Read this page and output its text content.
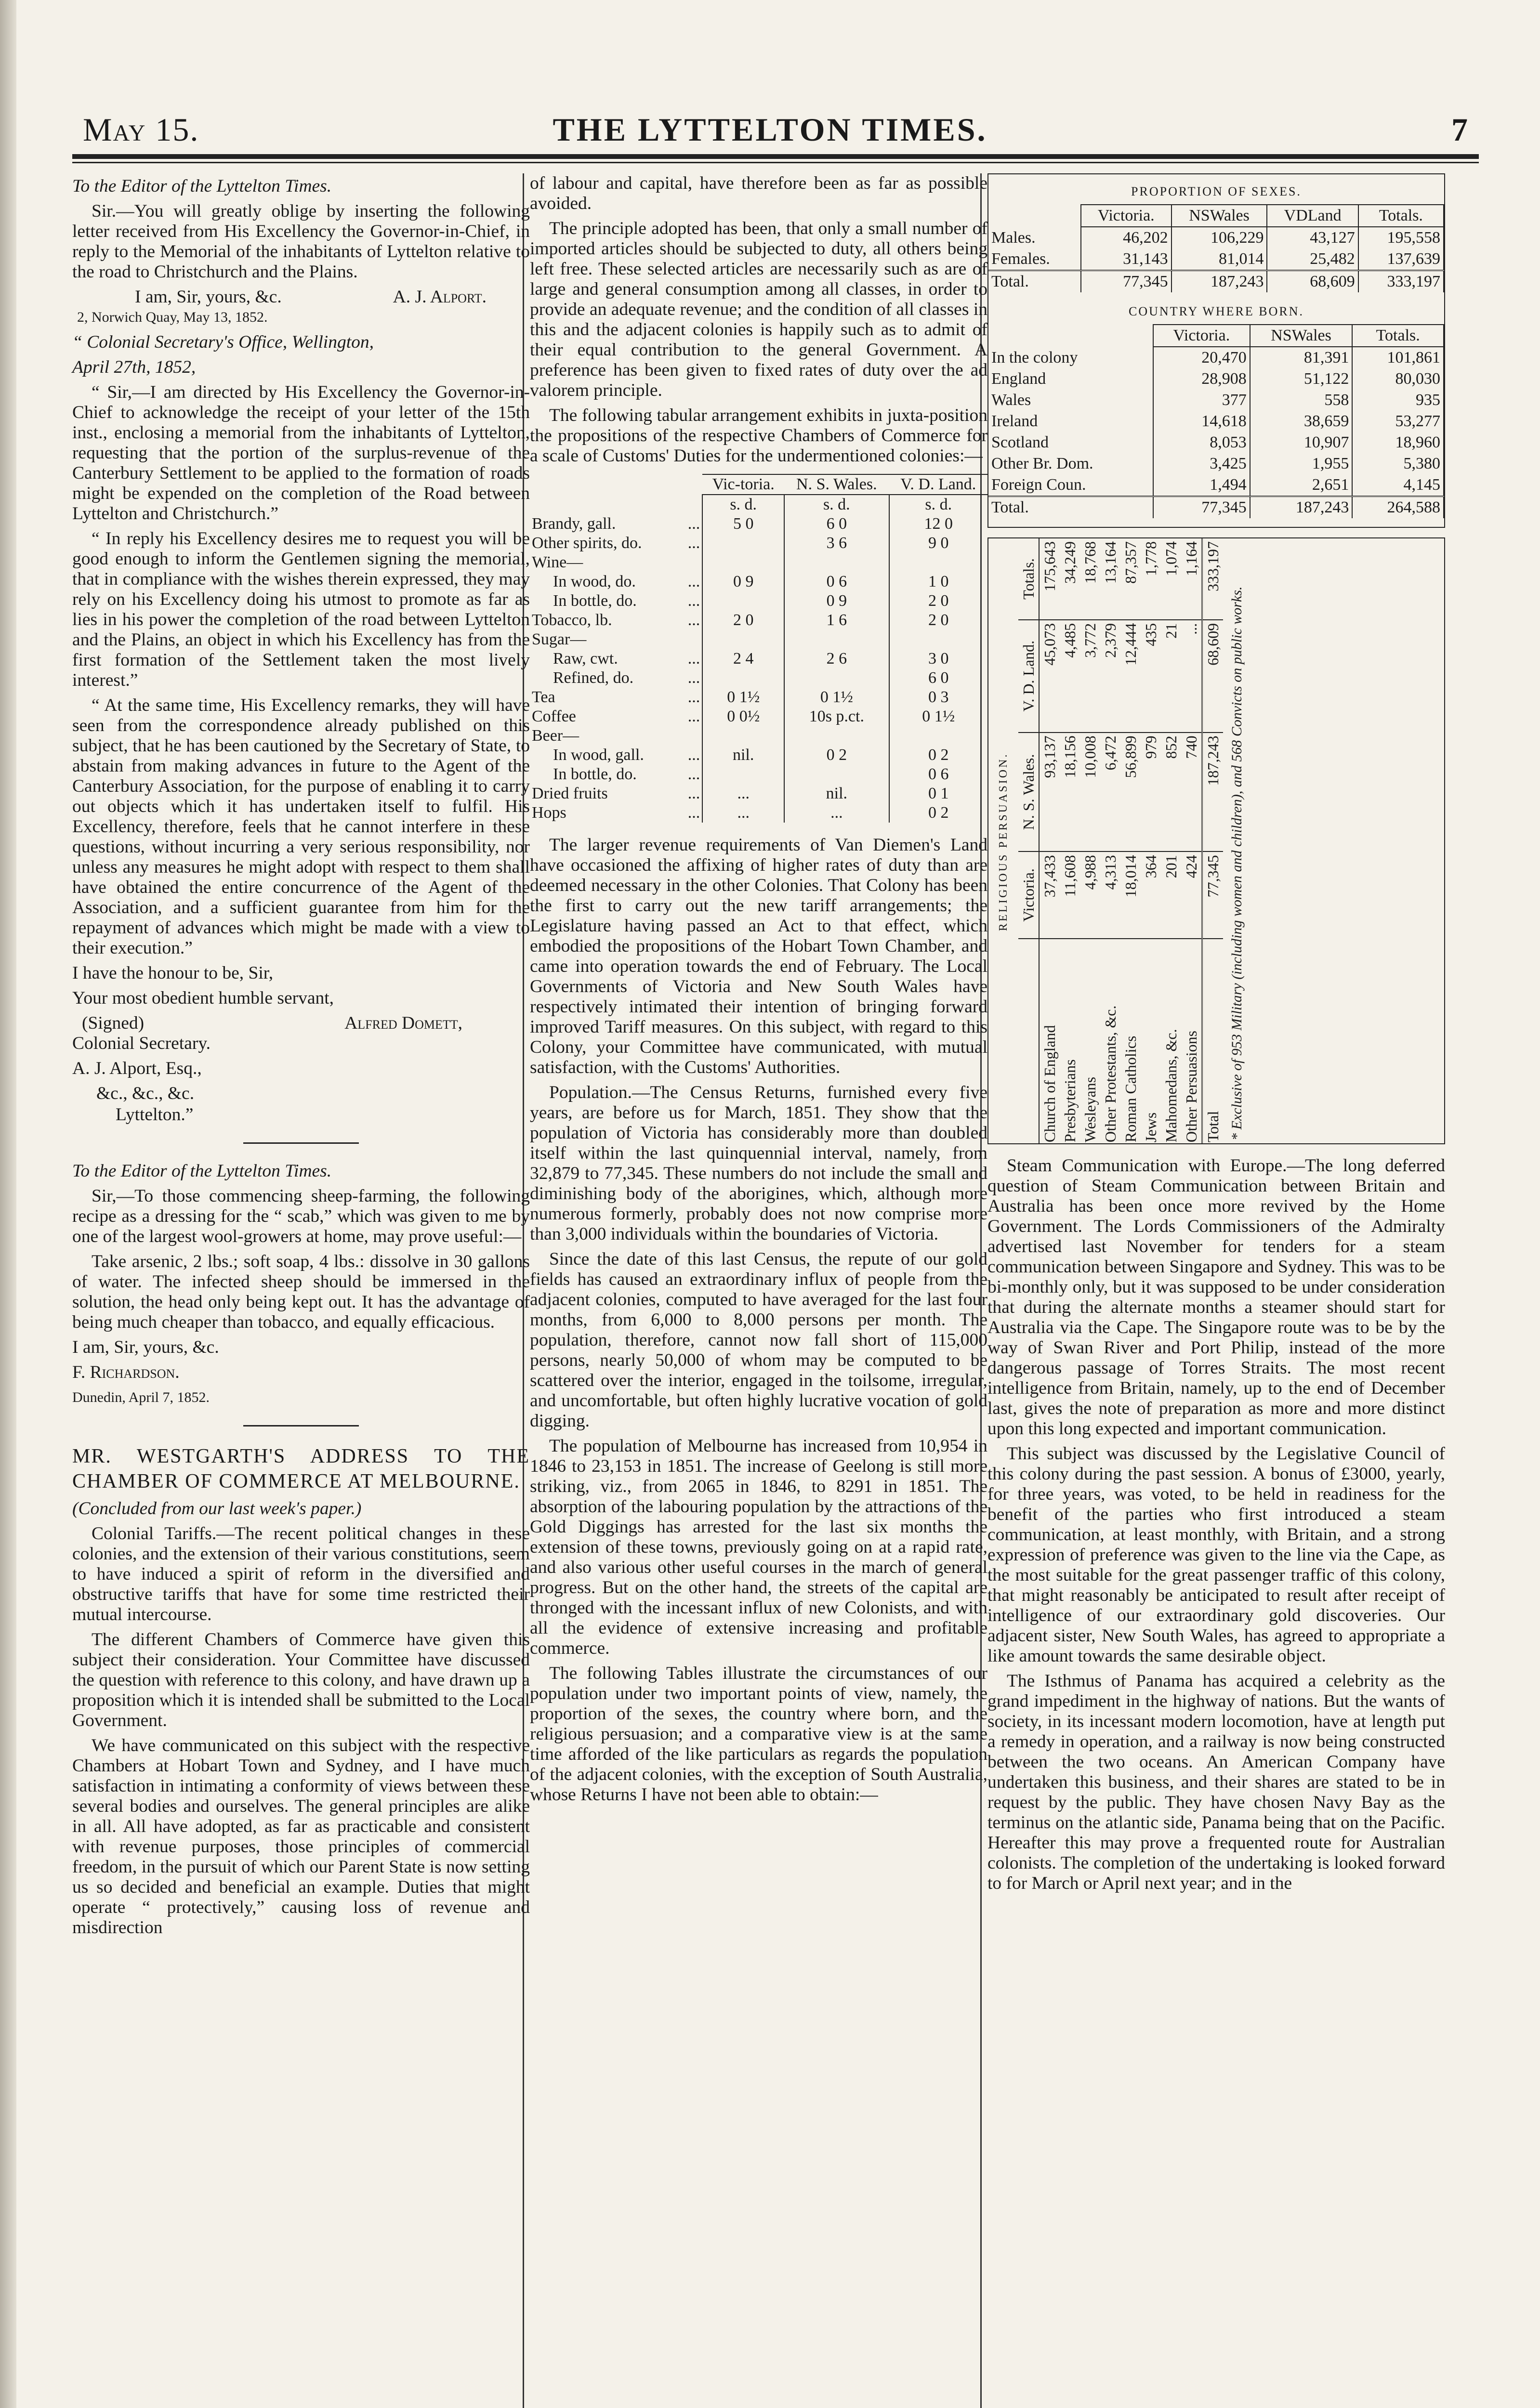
THE LYTTELTON TIMES.
May 15.	7

To the Editor of the Lyttelton Times.

Sir.—You will greatly oblige by inserting the following letter received from His Excellency the Governor-in-Chief, in reply to the Memorial of the inhabitants of Lyttelton relative to the road to Christchurch and the Plains.

I am, Sir, yours, &c.	A. J. Alport.

2, Norwich Quay, May 13, 1852.

“ Colonial Secretary's Office, Wellington,

April 27th, 1852,

“ Sir,—I am directed by His Excellency the Governor-in-Chief to acknowledge the receipt of your letter of the 15th inst., enclosing a memorial from the inhabitants of Lyttelton, requesting that the portion of the surplus-revenue of the Canterbury Settlement to be applied to the formation of roads might be expended on the completion of the Road between Lyttelton and Christchurch.”

“ In reply his Excellency desires me to request you will be good enough to inform the Gentlemen signing the memorial, that in compliance with the wishes therein expressed, they may rely on his Excellency doing his utmost to promote as far as lies in his power the completion of the road between Lyttelton and the Plains, an object in which his Excellency has from the first formation of the Settlement taken the most lively interest.”

“ At the same time, His Excellency remarks, they will have seen from the correspondence already published on this subject, that he has been cautioned by the Secretary of State, to abstain from making advances in future to the Agent of the Canterbury Association, for the purpose of enabling it to carry out objects which it has undertaken itself to fulfil. His Excellency, therefore, feels that he cannot interfere in these questions, without incurring a very serious responsibility, nor unless any measures he might adopt with respect to them shall have obtained the entire concurrence of the Agent of the Association, and a sufficient guarantee from him for the repayment of advances which might be made with a view to their execution.”

I have the honour to be, Sir,

Your most obedient humble servant,

(Signed)	Alfred Domett,

Colonial Secretary.

A. J. Alport, Esq.,

&c., &c., &c.

Lyttelton.”

To the Editor of the Lyttelton Times.

Sir,—To those commencing sheep-farming, the following recipe as a dressing for the “ scab,” which was given to me by one of the largest wool-growers at home, may prove useful:—

Take arsenic, 2 lbs.; soft soap, 4 lbs.: dissolve in 30 gallons of water. The infected sheep should be immersed in the solution, the head only being kept out. It has the advantage of being much cheaper than tobacco, and equally efficacious.

I am, Sir, yours, &c.

F. Richardson.

Dunedin, April 7, 1852.

MR. WESTGARTH'S ADDRESS TO THE CHAMBER OF COMMERCE AT MELBOURNE.

(Concluded from our last week's paper.)

Colonial Tariffs.—The recent political changes in these colonies, and the extension of their various constitutions, seem to have induced a spirit of reform in the diversified and obstructive tariffs that have for some time restricted their mutual intercourse.

The different Chambers of Commerce have given this subject their consideration. Your Committee have discussed the question with reference to this colony, and have drawn up a proposition which it is intended shall be submitted to the Local Government.

We have communicated on this subject with the respective Chambers at Hobart Town and Sydney, and I have much satisfaction in intimating a conformity of views between these several bodies and ourselves. The general principles are alike in all. All have adopted, as far as practicable and consistent with revenue purposes, those principles of commercial freedom, in the pursuit of which our Parent State is now setting us so decided and beneficial an example. Duties that might operate “ protectively,” causing loss of revenue and misdirection

of labour and capital, have therefore been as far as possible avoided.

The principle adopted has been, that only a small number of imported articles should be subjected to duty, all others being left free. These selected articles are necessarily such as are of large and general consumption among all classes, in order to provide an adequate revenue; and the condition of all classes in this and the adjacent colonies is happily such as to admit of their equal contribution to the general Government. A preference has been given to fixed rates of duty over the ad valorem principle.

The following tabular arrangement exhibits in juxta-position the propositions of the respective Chambers of Commerce for a scale of Customs' Duties for the undermentioned colonies:—

		Vic-toria.	N. S. Wales.	V. D. Land.
		s. d.	s. d.	s. d.
Brandy, gall.	...	5 0	6 0	12 0
Other spirits, do.	...		3 6	9 0
Wine—				
In wood, do.	...	0 9	0 6	1 0
In bottle, do.	...		0 9	2 0
Tobacco, lb.	...	2 0	1 6	2 0
Sugar—				
Raw, cwt.	...	2 4	2 6	3 0
Refined, do.	...			6 0
Tea	...	0 1½	0 1½	0 3
Coffee	...	0 0½	10s p.ct.	0 1½
Beer—				
In wood, gall.	...	nil.	0 2	0 2
In bottle, do.	...			0 6
Dried fruits	...	...	nil.	0 1
Hops	...	...	...	0 2

The larger revenue requirements of Van Diemen's Land have occasioned the affixing of higher rates of duty than are deemed necessary in the other Colonies. That Colony has been the first to carry out the new tariff arrangements; the Legislature having passed an Act to that effect, which embodied the propositions of the Hobart Town Chamber, and came into operation towards the end of February. The Local Governments of Victoria and New South Wales have respectively intimated their intention of bringing forward improved Tariff measures. On this subject, with regard to this Colony, your Committee have communicated, with mutual satisfaction, with the Customs' Authorities.

Population.—The Census Returns, furnished every five years, are before us for March, 1851. They show that the population of Victoria has considerably more than doubled itself within the last quinquennial interval, namely, from 32,879 to 77,345. These numbers do not include the small and diminishing body of the aborigines, which, although more numerous formerly, probably does not now comprise more than 3,000 individuals within the boundaries of Victoria.

Since the date of this last Census, the repute of our gold fields has caused an extraordinary influx of people from the adjacent colonies, computed to have averaged for the last four months, from 6,000 to 8,000 persons per month. The population, therefore, cannot now fall short of 115,000 persons, nearly 50,000 of whom may be computed to be scattered over the interior, engaged in the toilsome, irregular, and uncomfortable, but often highly lucrative vocation of gold digging.

The population of Melbourne has increased from 10,954 in 1846 to 23,153 in 1851. The increase of Geelong is still more striking, viz., from 2065 in 1846, to 8291 in 1851. The absorption of the labouring population by the attractions of the Gold Diggings has arrested for the last six months the extension of these towns, previously going on at a rapid rate, and also various other useful courses in the march of general progress. But on the other hand, the streets of the capital are thronged with the incessant influx of new Colonists, and with all the evidence of extensive increasing and profitable commerce.

The following Tables illustrate the circumstances of our population under two important points of view, namely, the proportion of the sexes, the country where born, and the religious persuasion; and a comparative view is at the same time afforded of the like particulars as regards the population of the adjacent colonies, with the exception of South Australia, whose Returns I have not been able to obtain:—

PROPORTION OF SEXES.
	Victoria.	NSWales	VDLand	Totals.
Males.	46,202	106,229	43,127	195,558
Females.	31,143	81,014	25,482	137,639
Total.	77,345	187,243	68,609	333,197
COUNTRY WHERE BORN.
	Victoria.	NSWales	Totals.
In the colony	20,470	81,391	101,861
England	28,908	51,122	80,030
Wales	377	558	935
Ireland	14,618	38,659	53,277
Scotland	8,053	10,907	18,960
Other Br. Dom.	3,425	1,955	5,380
Foreign Coun.	1,494	2,651	4,145
Total.	77,345	187,243	264,588
RELIGIOUS PERSUASION.
	Victoria.	N. S. Wales.	V. D. Land.	Totals.
Church of England	37,433	93,137	45,073	175,643
Presbyterians	11,608	18,156	4,485	34,249
Wesleyans	4,988	10,008	3,772	18,768
Other Protestants, &c.	4,313	6,472	2,379	13,164
Roman Catholics	18,014	56,899	12,444	87,357
Jews	364	979	435	1,778
Mahomedans, &c.	201	852	21	1,074
Other Persuasions	424	740	...	1,164
Total	77,345	187,243	68,609	333,197
* Exclusive of 953 Military (including women and children), and 568 Convicts on public works.

Steam Communication with Europe.—The long deferred question of Steam Communication between Britain and Australia has been once more revived by the Home Government. The Lords Commissioners of the Admiralty advertised last November for tenders for a steam communication between Singapore and Sydney. This was to be bi-monthly only, but it was supposed to be under consideration that during the alternate months a steamer should start for Australia via the Cape. The Singapore route was to be by the way of Swan River and Port Philip, instead of the more dangerous passage of Torres Straits. The most recent intelligence from Britain, namely, up to the end of December last, gives the note of preparation as more and more distinct upon this long expected and important communication.

This subject was discussed by the Legislative Council of this colony during the past session. A bonus of £3000, yearly, for three years, was voted, to be held in readiness for the benefit of the parties who first introduced a steam communication, at least monthly, with Britain, and a strong expression of preference was given to the line via the Cape, as the most suitable for the great passenger traffic of this colony, that might reasonably be anticipated to result after receipt of intelligence of our extraordinary gold discoveries. Our adjacent sister, New South Wales, has agreed to appropriate a like amount towards the same desirable object.

The Isthmus of Panama has acquired a celebrity as the grand impediment in the highway of nations. But the wants of society, in its incessant modern locomotion, have at length put a remedy in operation, and a railway is now being constructed between the two oceans. An American Company have undertaken this business, and their shares are stated to be in request by the public. They have chosen Navy Bay as the terminus on the atlantic side, Panama being that on the Pacific. Hereafter this may prove a frequented route for Australian colonists. The completion of the undertaking is looked forward to for March or April next year; and in the
